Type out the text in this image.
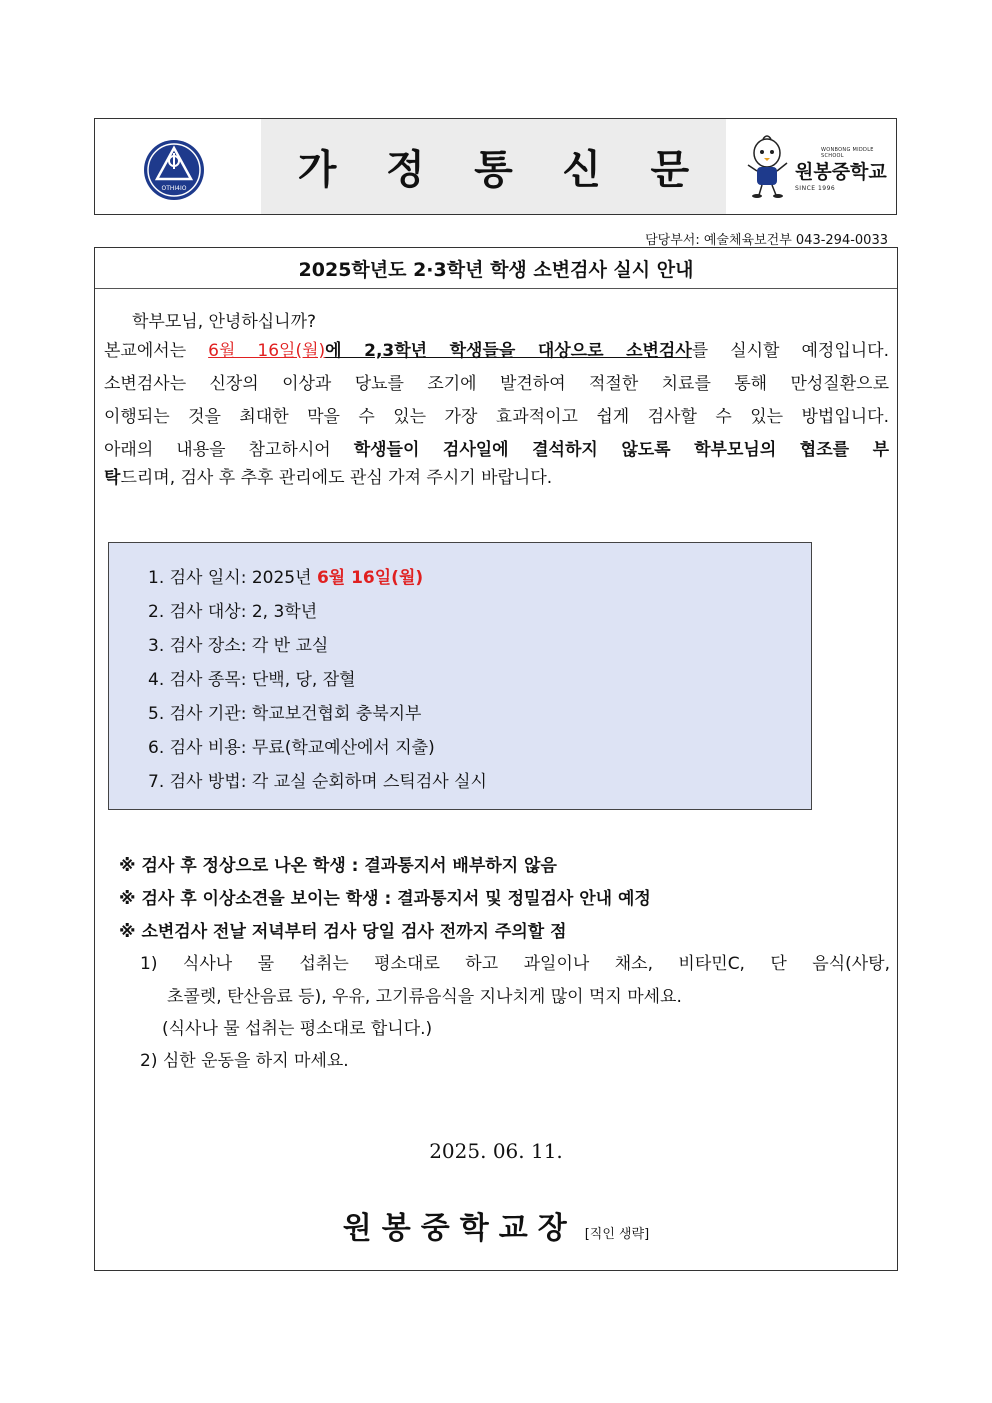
OTHI4IO	가 정 통 신 문	WONBONG MIDDLE SCHOOL
원봉중학교
SINCE 1996
담당부서: 예술체육보건부 043-294-0033
2025학년도 2·3학년 학생 소변검사 실시 안내
학부모님, 안녕하십니까?
본교에서는 6월 16일(월)에 2,3학년 학생들을 대상으로 소변검사를 실시할 예정입니다.
소변검사는 신장의 이상과 당뇨를 조기에 발견하여 적절한 치료를 통해 만성질환으로
이행되는 것을 최대한 막을 수 있는 가장 효과적이고 쉽게 검사할 수 있는 방법입니다.
아래의 내용을 참고하시어 학생들이 검사일에 결석하지 않도록 학부모님의 협조를 부
탁드리며, 검사 후 추후 관리에도 관심 가져 주시기 바랍니다.
1. 검사 일시: 2025년 6월 16일(월)
2. 검사 대상: 2, 3학년
3. 검사 장소: 각 반 교실
4. 검사 종목: 단백, 당, 잠혈
5. 검사 기관: 학교보건협회 충북지부
6. 검사 비용: 무료(학교예산에서 지출)
7. 검사 방법: 각 교실 순회하며 스틱검사 실시
※ 검사 후 정상으로 나온 학생 : 결과통지서 배부하지 않음
※ 검사 후 이상소견을 보이는 학생 : 결과통지서 및 정밀검사 안내 예정
※ 소변검사 전날 저녁부터 검사 당일 검사 전까지 주의할 점
1) 식사나 물 섭취는 평소대로 하고 과일이나 채소, 비타민C, 단 음식(사탕,
초콜렛, 탄산음료 등), 우유, 고기류음식을 지나치게 많이 먹지 마세요.
(식사나 물 섭취는 평소대로 합니다.)
2) 심한 운동을 하지 마세요.
2025. 06. 11.
원봉중학교장 [직인 생략]
